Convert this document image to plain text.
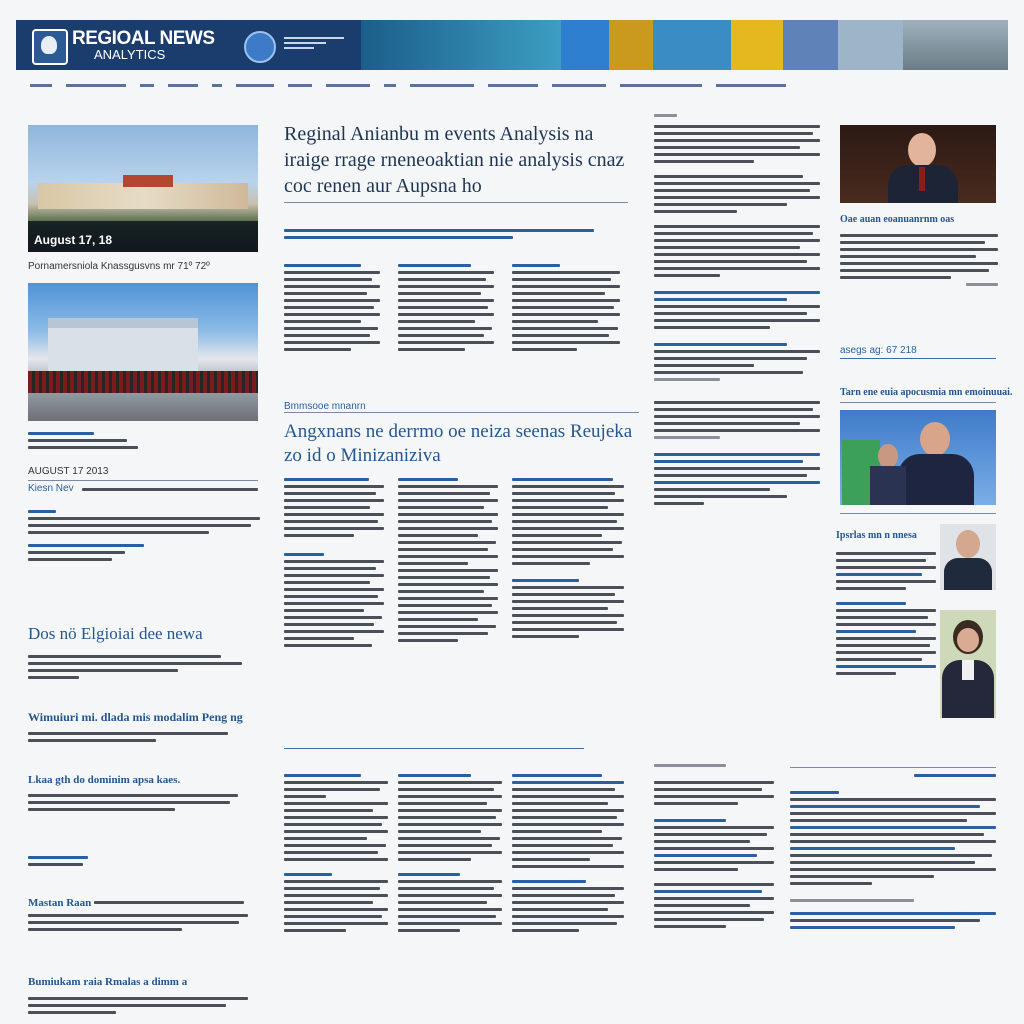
REGIOAL NEWS
ANALYTICS
August 17, 18
Pornamersniola Knassgusvns mr 71º 72º
AUGUST 17 2013
Kiesn Nev
Dos nö Elgioiai dee newa
Wimuiuri mi. dlada mis modalim Peng ng
Lkaa gth do dominim apsa kaes.
Mastan Raan
Bumiukam raia Rmalas a dimm a
Reginal Anianbu m events Analysis na iraige rrage rneneoaktian nie analysis cnaz coc renen aur Aupsna ho
Bmmsooe mnanrn
Angxnans ne derrmo oe neiza seenas Reujeka zo id o Minizaniziva
Oae auan eoanuanrnm oas
asegs ag: 67 218
Tarn ene euia apocusmia mn emoinuuai.
Ipsrlas mn n nnesa
